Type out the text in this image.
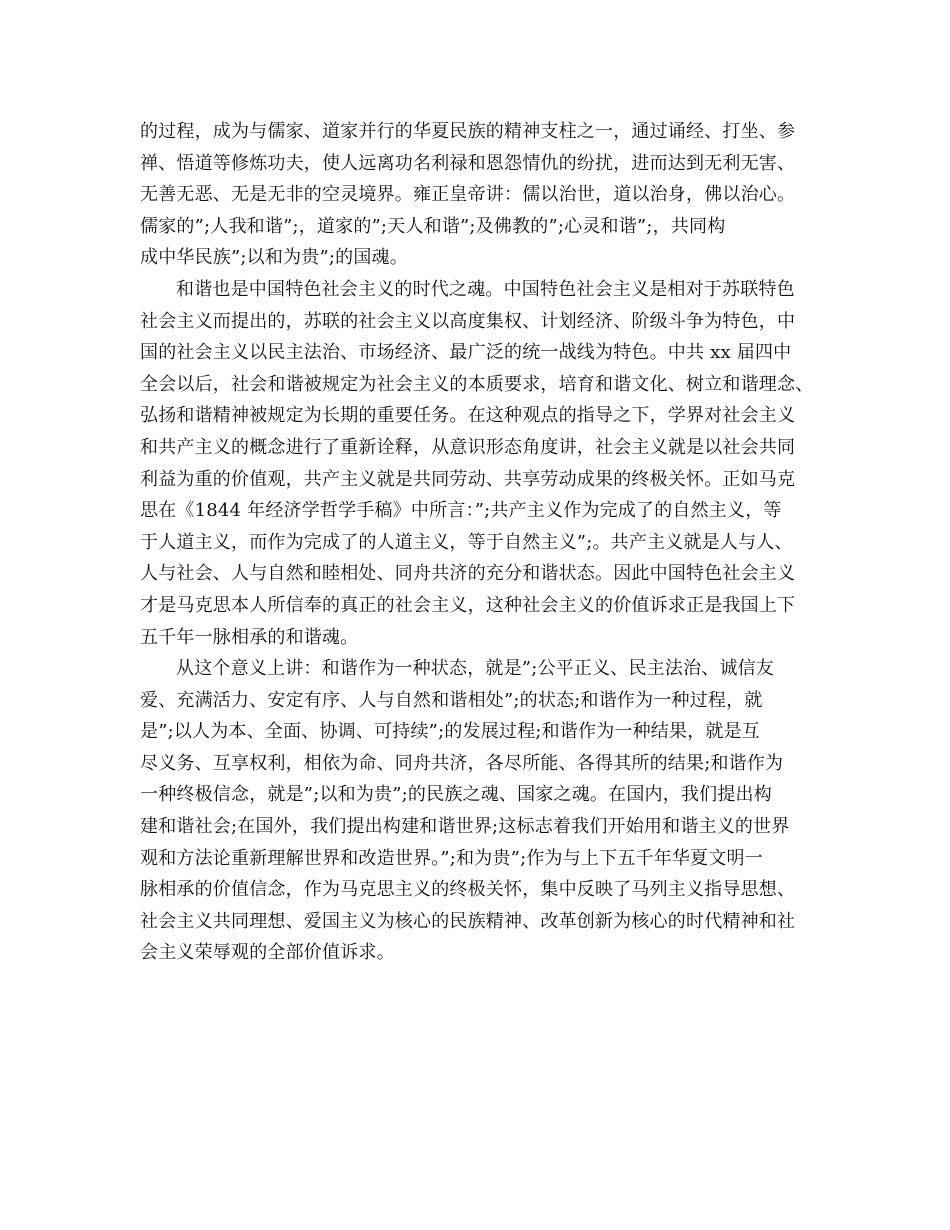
的过程，成为与儒家、道家并行的华夏民族的精神支柱之一，通过诵经、打坐、参
禅、悟道等修炼功夫，使人远离功名利禄和恩怨情仇的纷扰，进而达到无利无害、
无善无恶、无是无非的空灵境界。雍正皇帝讲：儒以治世，道以治身，佛以治心。
儒家的”;人我和谐”;，道家的”;天人和谐”;及佛教的”;心灵和谐”;，共同构
成中华民族”;以和为贵”;的国魂。
和谐也是中国特色社会主义的时代之魂。中国特色社会主义是相对于苏联特色
社会主义而提出的，苏联的社会主义以高度集权、计划经济、阶级斗争为特色，中
国的社会主义以民主法治、市场经济、最广泛的统一战线为特色。中共 xx 届四中
全会以后，社会和谐被规定为社会主义的本质要求，培育和谐文化、树立和谐理念、
弘扬和谐精神被规定为长期的重要任务。在这种观点的指导之下，学界对社会主义
和共产主义的概念进行了重新诠释，从意识形态角度讲，社会主义就是以社会共同
利益为重的价值观，共产主义就是共同劳动、共享劳动成果的终极关怀。正如马克
思在《1844 年经济学哲学手稿》中所言：”;共产主义作为完成了的自然主义，等
于人道主义，而作为完成了的人道主义，等于自然主义”;。共产主义就是人与人、
人与社会、人与自然和睦相处、同舟共济的充分和谐状态。因此中国特色社会主义
才是马克思本人所信奉的真正的社会主义，这种社会主义的价值诉求正是我国上下
五千年一脉相承的和谐魂。
从这个意义上讲：和谐作为一种状态，就是”;公平正义、民主法治、诚信友
爱、充满活力、安定有序、人与自然和谐相处”;的状态;和谐作为一种过程，就
是”;以人为本、全面、协调、可持续”;的发展过程;和谐作为一种结果，就是互
尽义务、互享权利，相依为命、同舟共济，各尽所能、各得其所的结果;和谐作为
一种终极信念，就是”;以和为贵”;的民族之魂、国家之魂。在国内，我们提出构
建和谐社会;在国外，我们提出构建和谐世界;这标志着我们开始用和谐主义的世界
观和方法论重新理解世界和改造世界。”;和为贵”;作为与上下五千年华夏文明一
脉相承的价值信念，作为马克思主义的终极关怀，集中反映了马列主义指导思想、
社会主义共同理想、爱国主义为核心的民族精神、改革创新为核心的时代精神和社
会主义荣辱观的全部价值诉求。
